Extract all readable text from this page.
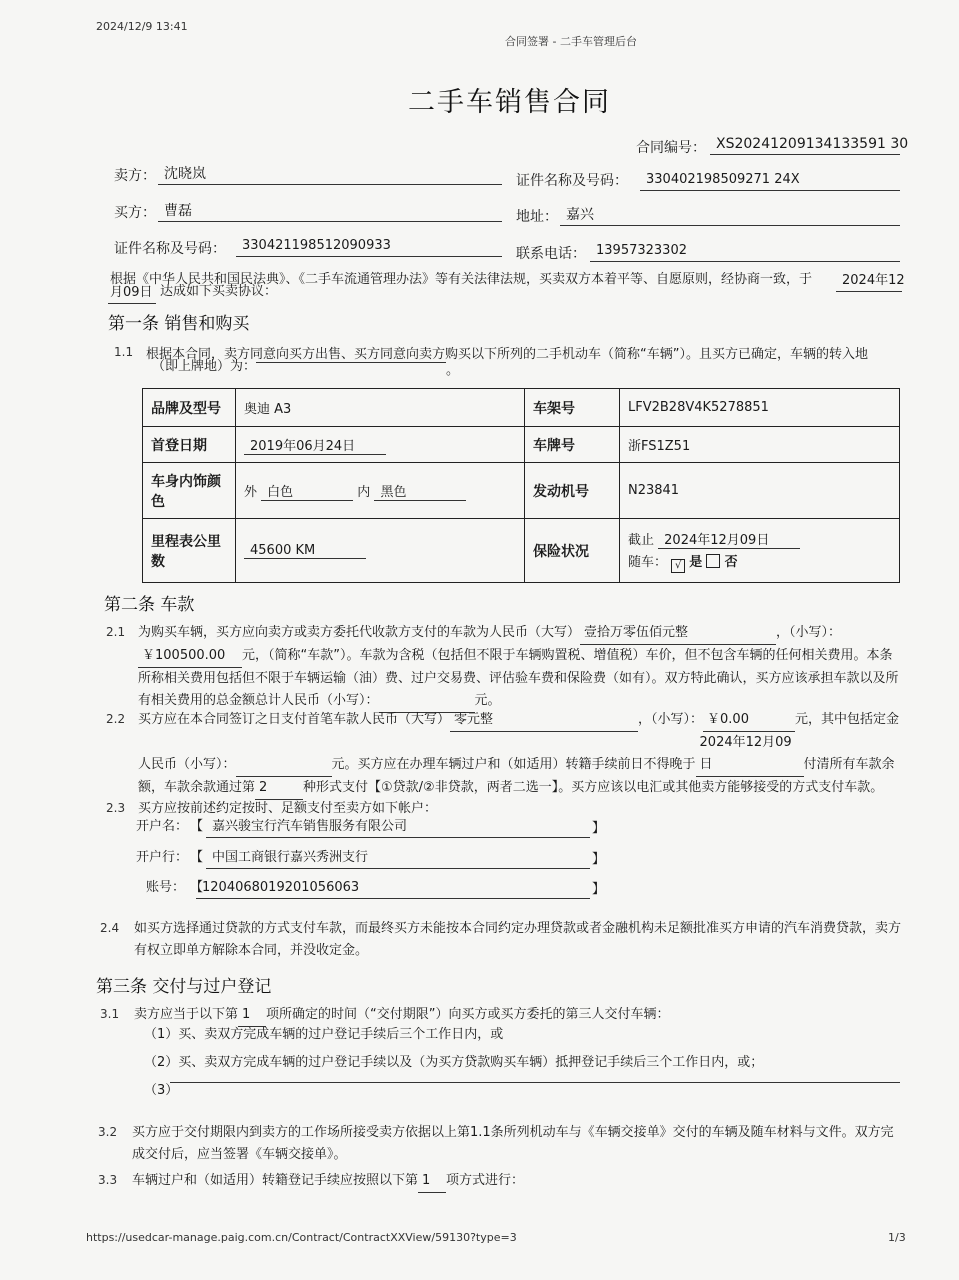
2024/12/9 13:41
合同签署 - 二手车管理后台
二手车销售合同
合同编号： XS20241209134133591 30
卖方： 沈晓岚	证件名称及号码：	330402198509271 24X
买方： 曹磊	地址： 嘉兴
证件名称及号码：	330421198512090933
联系电话： 13957323302
根据《中华人民共和国民法典》、《二手车流通管理办法》等有关法律法规，买卖双方本着平等、自愿原则，经协商一致，于	2024年12
月09日 达成如下买卖协议：
第一条 销售和购买
1.1 根据本合同，卖方同意向买方出售、买方同意向卖方购买以下所列的二手机动车（简称“车辆”）。且买方已确定，车辆的转入地
（即上牌地）为：	。
品牌及型号	奥迪 A3	车架号	LFV2B28V4K5278851
首登日期	2019年06月24日	车牌号	浙FS1Z51
车身内饰颜色	外 白色 内 黑色	发动机号	N23841
里程表公里数	45600 KM	保险状况	截止 2024年12月09日
随车： √ 是 否
第二条 车款
2.1 为购买车辆，买方应向卖方或卖方委托代收款方支付的车款为人民币（大写） 壹拾万零伍佰元整	，（小写）：
￥100500.00 元，（简称“车款”）。车款为含税（包括但不限于车辆购置税、增值税）车价，但不包含车辆的任何相关费用。本条所称相关费用包括但不限于车辆运输（油）费、过户交易费、评估验车费和保险费（如有）。双方特此确认，买方应该承担车款以及所有相关费用的总金额总计人民币（小写）：	元。
2.2 买方应在本合同签订之日支付首笔车款人民币（大写） 零元整	，（小写）： ￥0.00	元，其中包括定金人民币（小写）：	元。买方应在办理车辆过户和（如适用）转籍手续前日不得晚于2024年12月09日	付清所有车款余额，车款余款通过第 2	种形式支付【①贷款/②非贷款，两者二选一】。买方应该以电汇或其他卖方能够接受的方式支付车款。
2.3 买方应按前述约定按时、足额支付至卖方如下帐户：
开户名： 【 嘉兴骏宝行汽车销售服务有限公司	】
开户行： 【 中国工商银行嘉兴秀洲支行	】
账号： 【
1204068019201056063	】
2.4 如买方选择通过贷款的方式支付车款，而最终买方未能按本合同约定办理贷款或者金融机构未足额批准买方申请的汽车消费贷款，卖方有权立即单方解除本合同，并没收定金。
第三条 交付与过户登记
3.1 卖方应当于以下第 1 项所确定的时间（“交付期限”）向买方或买方委托的第三人交付车辆：
（1）买、卖双方完成车辆的过户登记手续后三个工作日内，或
（2）买、卖双方完成车辆的过户登记手续以及（为买方贷款购买车辆）抵押登记手续后三个工作日内，或；
（3）
3.2 买方应于交付期限内到卖方的工作场所接受卖方依据以上第1.1条所列机动车与《车辆交接单》交付的车辆及随车材料与文件。双方完成交付后，应当签署《车辆交接单》。
3.3 车辆过户和（如适用）转籍登记手续应按照以下第 1 项方式进行：
https://usedcar-manage.paig.com.cn/Contract/ContractXXView/59130?type=3	1/3
